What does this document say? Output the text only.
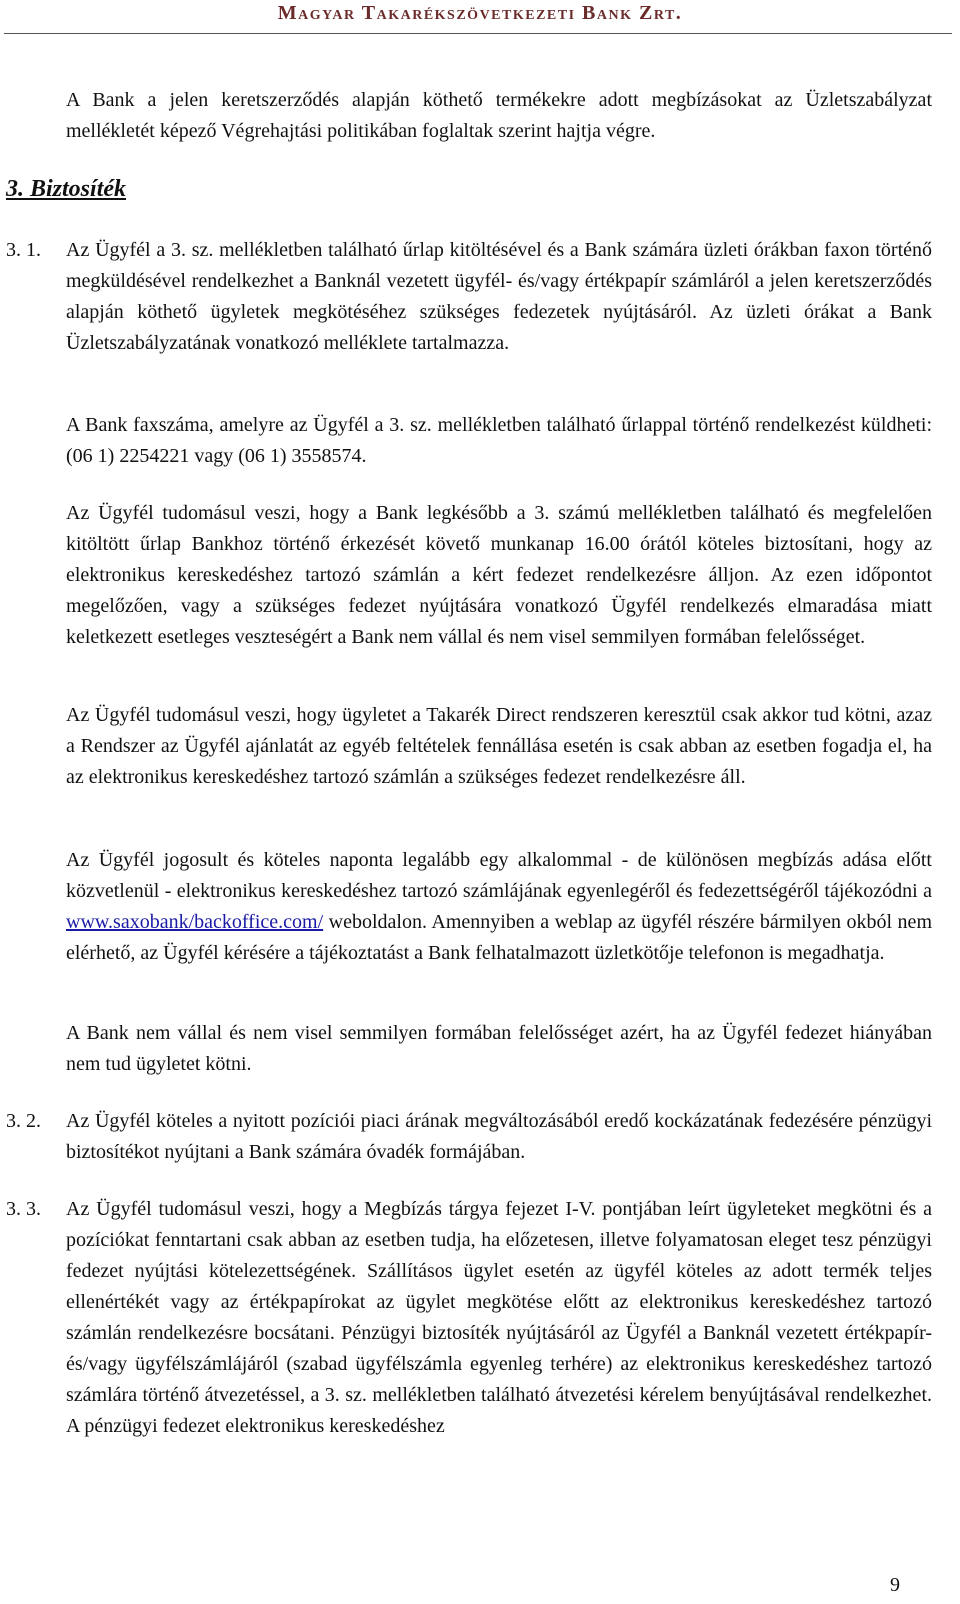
Magyar Takarékszövetkezeti Bank Zrt.
A Bank a jelen keretszerződés alapján köthető termékekre adott megbízásokat az Üzletszabályzat mellékletét képező Végrehajtási politikában foglaltak szerint hajtja végre.
3. Biztosíték
3. 1. Az Ügyfél a 3. sz. mellékletben található űrlap kitöltésével és a Bank számára üzleti órákban faxon történő megküldésével rendelkezhet a Banknál vezetett ügyfél- és/vagy értékpapír számláról a jelen keretszerződés alapján köthető ügyletek megkötéséhez szükséges fedezetek nyújtásáról. Az üzleti órákat a Bank Üzletszabályzatának vonatkozó melléklete tartalmazza.
A Bank faxszáma, amelyre az Ügyfél a 3. sz. mellékletben található űrlappal történő rendelkezést küldheti: (06 1) 2254221 vagy (06 1) 3558574.
Az Ügyfél tudomásul veszi, hogy a Bank legkésőbb a 3. számú mellékletben található és megfelelően kitöltött űrlap Bankhoz történő érkezését követő munkanap 16.00 órától köteles biztosítani, hogy az elektronikus kereskedéshez tartozó számlán a kért fedezet rendelkezésre álljon. Az ezen időpontot megelőzően, vagy a szükséges fedezet nyújtására vonatkozó Ügyfél rendelkezés elmaradása miatt keletkezett esetleges veszteségért a Bank nem vállal és nem visel semmilyen formában felelősséget.
Az Ügyfél tudomásul veszi, hogy ügyletet a Takarék Direct rendszeren keresztül csak akkor tud kötni, azaz a Rendszer az Ügyfél ajánlatát az egyéb feltételek fennállása esetén is csak abban az esetben fogadja el, ha az elektronikus kereskedéshez tartozó számlán a szükséges fedezet rendelkezésre áll.
Az Ügyfél jogosult és köteles naponta legalább egy alkalommal - de különösen megbízás adása előtt közvetlenül - elektronikus kereskedéshez tartozó számlájának egyenlegéről és fedezettségéről tájékozódni a www.saxobank/backoffice.com/ weboldalon. Amennyiben a weblap az ügyfél részére bármilyen okból nem elérhető, az Ügyfél kérésére a tájékoztatást a Bank felhatalmazott üzletkötője telefonon is megadhatja.
A Bank nem vállal és nem visel semmilyen formában felelősséget azért, ha az Ügyfél fedezet hiányában nem tud ügyletet kötni.
3. 2. Az Ügyfél köteles a nyitott pozíciói piaci árának megváltozásából eredő kockázatának fedezésére pénzügyi biztosítékot nyújtani a Bank számára óvadék formájában.
3. 3. Az Ügyfél tudomásul veszi, hogy a Megbízás tárgya fejezet I-V. pontjában leírt ügyleteket megkötni és a pozíciókat fenntartani csak abban az esetben tudja, ha előzetesen, illetve folyamatosan eleget tesz pénzügyi fedezet nyújtási kötelezettségének. Szállításos ügylet esetén az ügyfél köteles az adott termék teljes ellenértékét vagy az értékpapírokat az ügylet megkötése előtt az elektronikus kereskedéshez tartozó számlán rendelkezésre bocsátani. Pénzügyi biztosíték nyújtásáról az Ügyfél a Banknál vezetett értékpapír-és/vagy ügyfélszámlájáról (szabad ügyfélszámla egyenleg terhére) az elektronikus kereskedéshez tartozó számlára történő átvezetéssel, a 3. sz. mellékletben található átvezetési kérelem benyújtásával rendelkezhet. A pénzügyi fedezet elektronikus kereskedéshez
9
